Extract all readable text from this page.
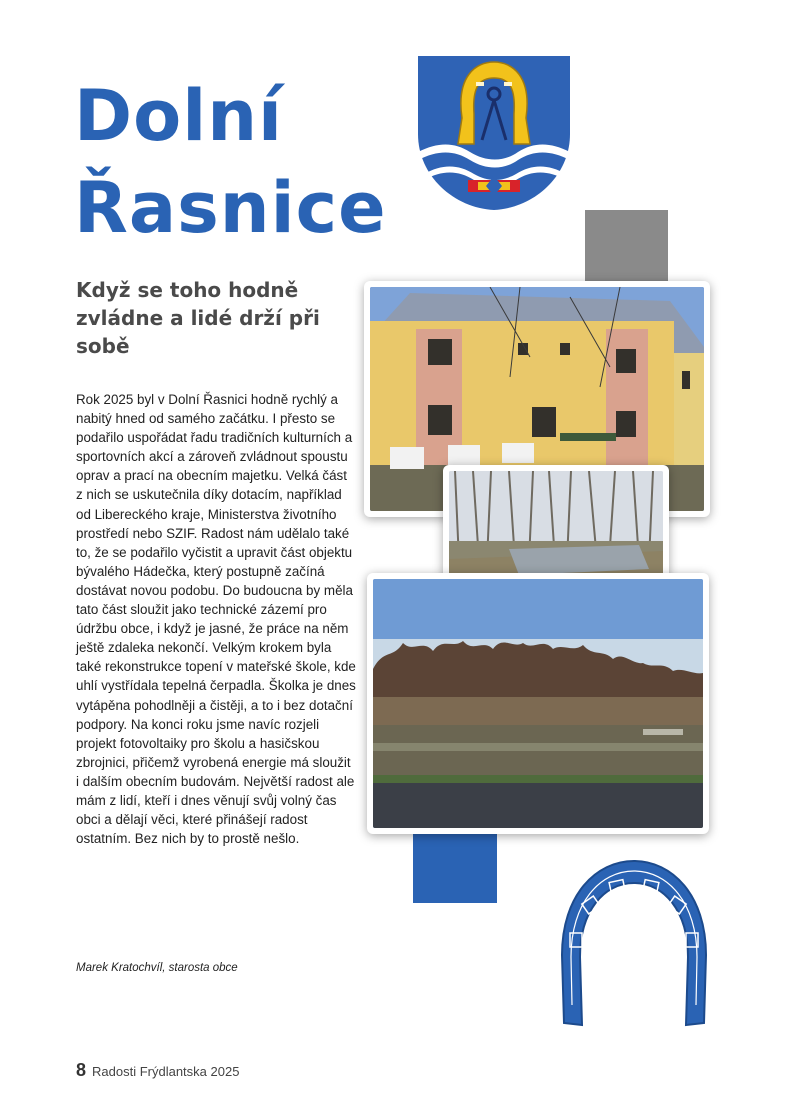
Dolní
Řasnice
Když se toho hodně zvládne a lidé drží při sobě

Rok 2025 byl v Dolní Řasnici hodně rychlý a nabitý hned od samého začátku. I přesto se podařilo uspořádat řadu tradičních kulturních a sportovních akcí a zároveň zvládnout spoustu oprav a prací na obecním majetku. Velká část z nich se uskutečnila díky dotacím, například od Libereckého kraje, Ministerstva životního prostředí nebo SZIF. Radost nám udělalo také to, že se podařilo vyčistit a upravit část objektu bývalého Hádečka, který postupně začíná dostávat novou podobu. Do budoucna by měla tato část sloužit jako technické zázemí pro údržbu obce, i když je jasné, že práce na něm ještě zdaleka nekončí. Velkým krokem byla také rekonstrukce topení v mateřské škole, kde uhlí vystřídala tepelná čerpadla. Školka je dnes vytápěna pohodlněji a čistěji, a to i bez dotační podpory. Na konci roku jsme navíc rozjeli projekt fotovoltaiky pro školu a hasičskou zbrojnici, přičemž vyrobená energie má sloužit i dalším obecním budovám. Největší radost ale mám z lidí, kteří i dnes věnují svůj volný čas obci a dělají věci, které přinášejí radost ostatním. Bez nich by to prostě nešlo.

Marek Kratochvíl, starosta obce

8 Radosti Frýdlantska 2025
